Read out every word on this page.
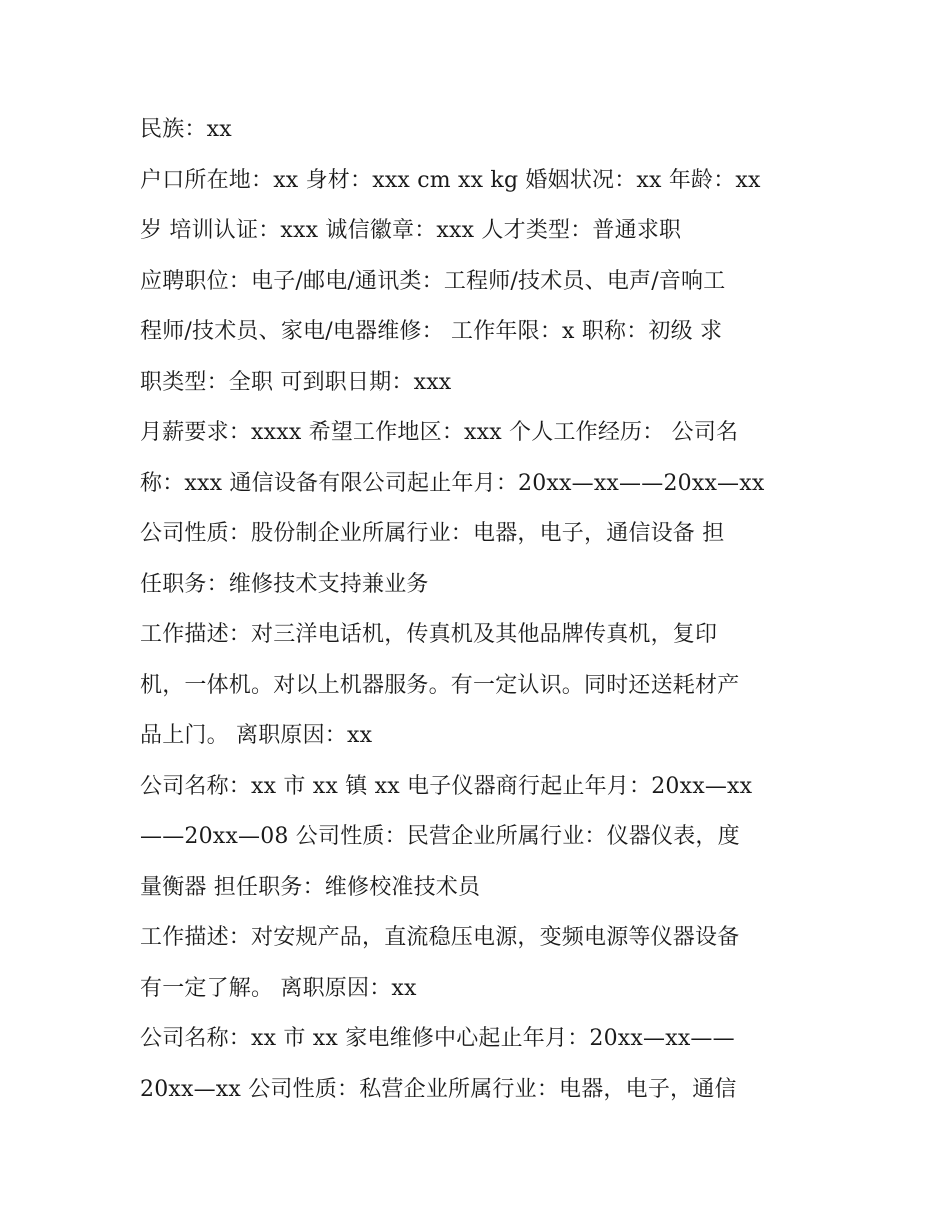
民族：xx
户口所在地：xx 身材：xxx cm xx kg 婚姻状况：xx 年龄：xx
岁 培训认证：xxx 诚信徽章：xxx 人才类型：普通求职
应聘职位：电子/邮电/通讯类：工程师/技术员、电声/音响工
程师/技术员、家电/电器维修： 工作年限：x 职称：初级 求
职类型：全职 可到职日期：xxx
月薪要求：xxxx 希望工作地区：xxx 个人工作经历： 公司名
称：xxx 通信设备有限公司起止年月：20xx—xx——20xx—xx
公司性质：股份制企业所属行业：电器，电子，通信设备 担
任职务：维修技术支持兼业务
工作描述：对三洋电话机，传真机及其他品牌传真机，复印
机，一体机。对以上机器服务。有一定认识。同时还送耗材产
品上门。 离职原因：xx
公司名称：xx 市 xx 镇 xx 电子仪器商行起止年月：20xx—xx
——20xx—08 公司性质：民营企业所属行业：仪器仪表，度
量衡器 担任职务：维修校准技术员
工作描述：对安规产品，直流稳压电源，变频电源等仪器设备
有一定了解。 离职原因：xx
公司名称：xx 市 xx 家电维修中心起止年月：20xx—xx——
20xx—xx 公司性质：私营企业所属行业：电器，电子，通信
